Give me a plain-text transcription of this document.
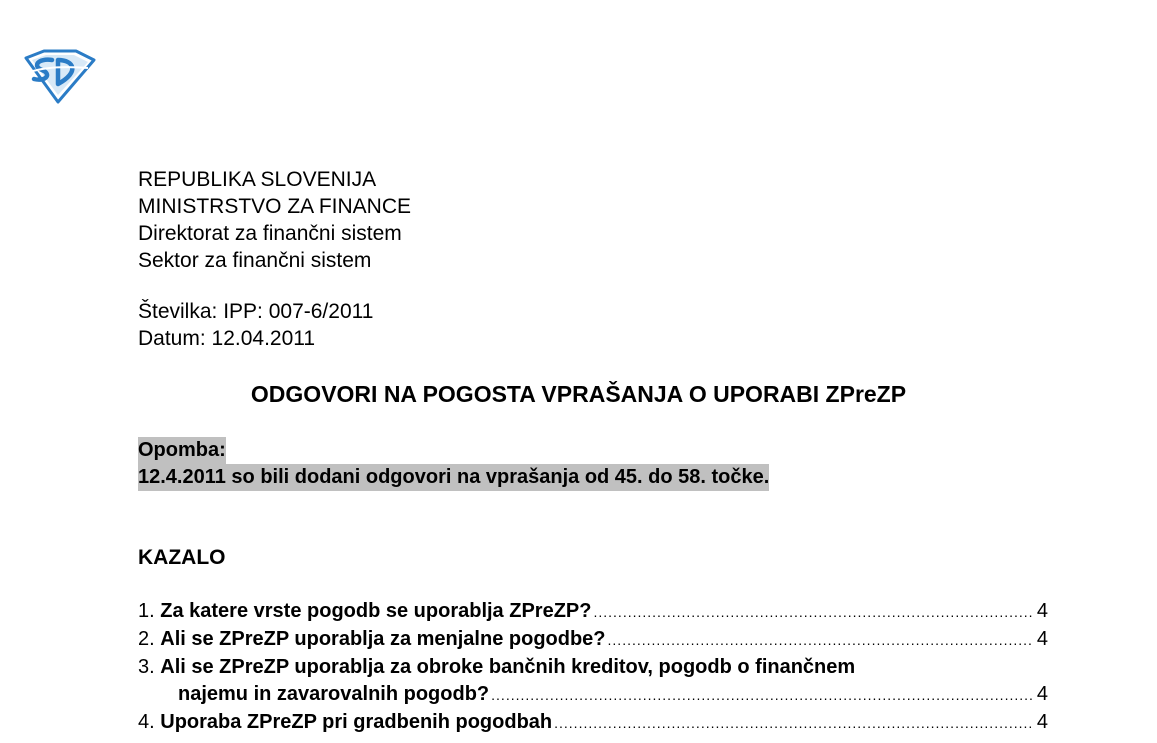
REPUBLIKA SLOVENIJA
MINISTRSTVO ZA FINANCE
Direktorat za finančni sistem
Sektor za finančni sistem
Številka: IPP: 007-6/2011
Datum: 12.04.2011
ODGOVORI NA POGOSTA VPRAŠANJA O UPORABI ZPreZP
Opomba:
12.4.2011 so bili dodani odgovori na vprašanja od 45. do 58. točke.
KAZALO
1.
Za katere vrste pogodb se uporablja ZPreZP? .....	4
2.
Ali se ZPreZP uporablja za menjalne pogodbe? .....	4
3.
Ali se ZPreZP uporablja za obroke bančnih kreditov, pogodb o finančnem
najemu in zavarovalnih pogodb? .....	4
4.
Uporaba ZPreZP pri gradbenih pogodbah .....	4
